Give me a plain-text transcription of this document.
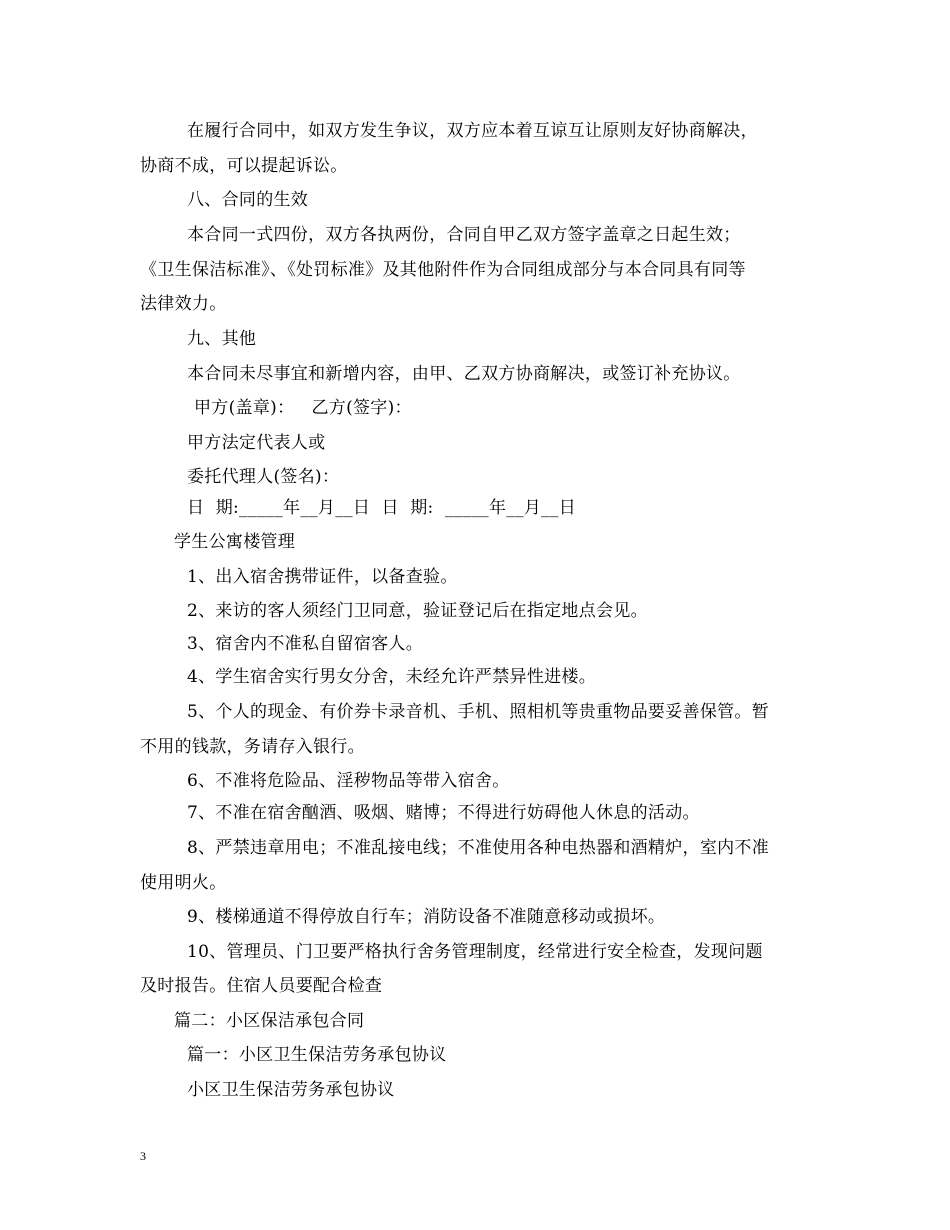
在履行合同中，如双方发生争议，双方应本着互谅互让原则友好协商解决，
协商不成，可以提起诉讼。
八、合同的生效
本合同一式四份，双方各执两份，合同自甲乙双方签字盖章之日起生效；
《卫生保洁标准》、《处罚标准》及其他附件作为合同组成部分与本合同具有同等
法律效力。
九、其他
本合同未尽事宜和新增内容，由甲、乙双方协商解决，或签订补充协议。
甲方(盖章)：   乙方(签字)：
甲方法定代表人或
委托代理人(签名)：
日  期:_____年__月__日  日  期:  _____年__月__日
学生公寓楼管理
1、出入宿舍携带证件，以备查验。
2、来访的客人须经门卫同意，验证登记后在指定地点会见。
3、宿舍内不准私自留宿客人。
4、学生宿舍实行男女分舍，未经允许严禁异性进楼。
5、个人的现金、有价券卡录音机、手机、照相机等贵重物品要妥善保管。暂
不用的钱款，务请存入银行。
6、不准将危险品、淫秽物品等带入宿舍。
7、不准在宿舍酗酒、吸烟、赌博；不得进行妨碍他人休息的活动。
8、严禁违章用电；不准乱接电线；不准使用各种电热器和酒精炉，室内不准
使用明火。
9、楼梯通道不得停放自行车；消防设备不准随意移动或损坏。
10、管理员、门卫要严格执行舍务管理制度，经常进行安全检查，发现问题
及时报告。住宿人员要配合检查
篇二：小区保洁承包合同
篇一：小区卫生保洁劳务承包协议
小区卫生保洁劳务承包协议
3
